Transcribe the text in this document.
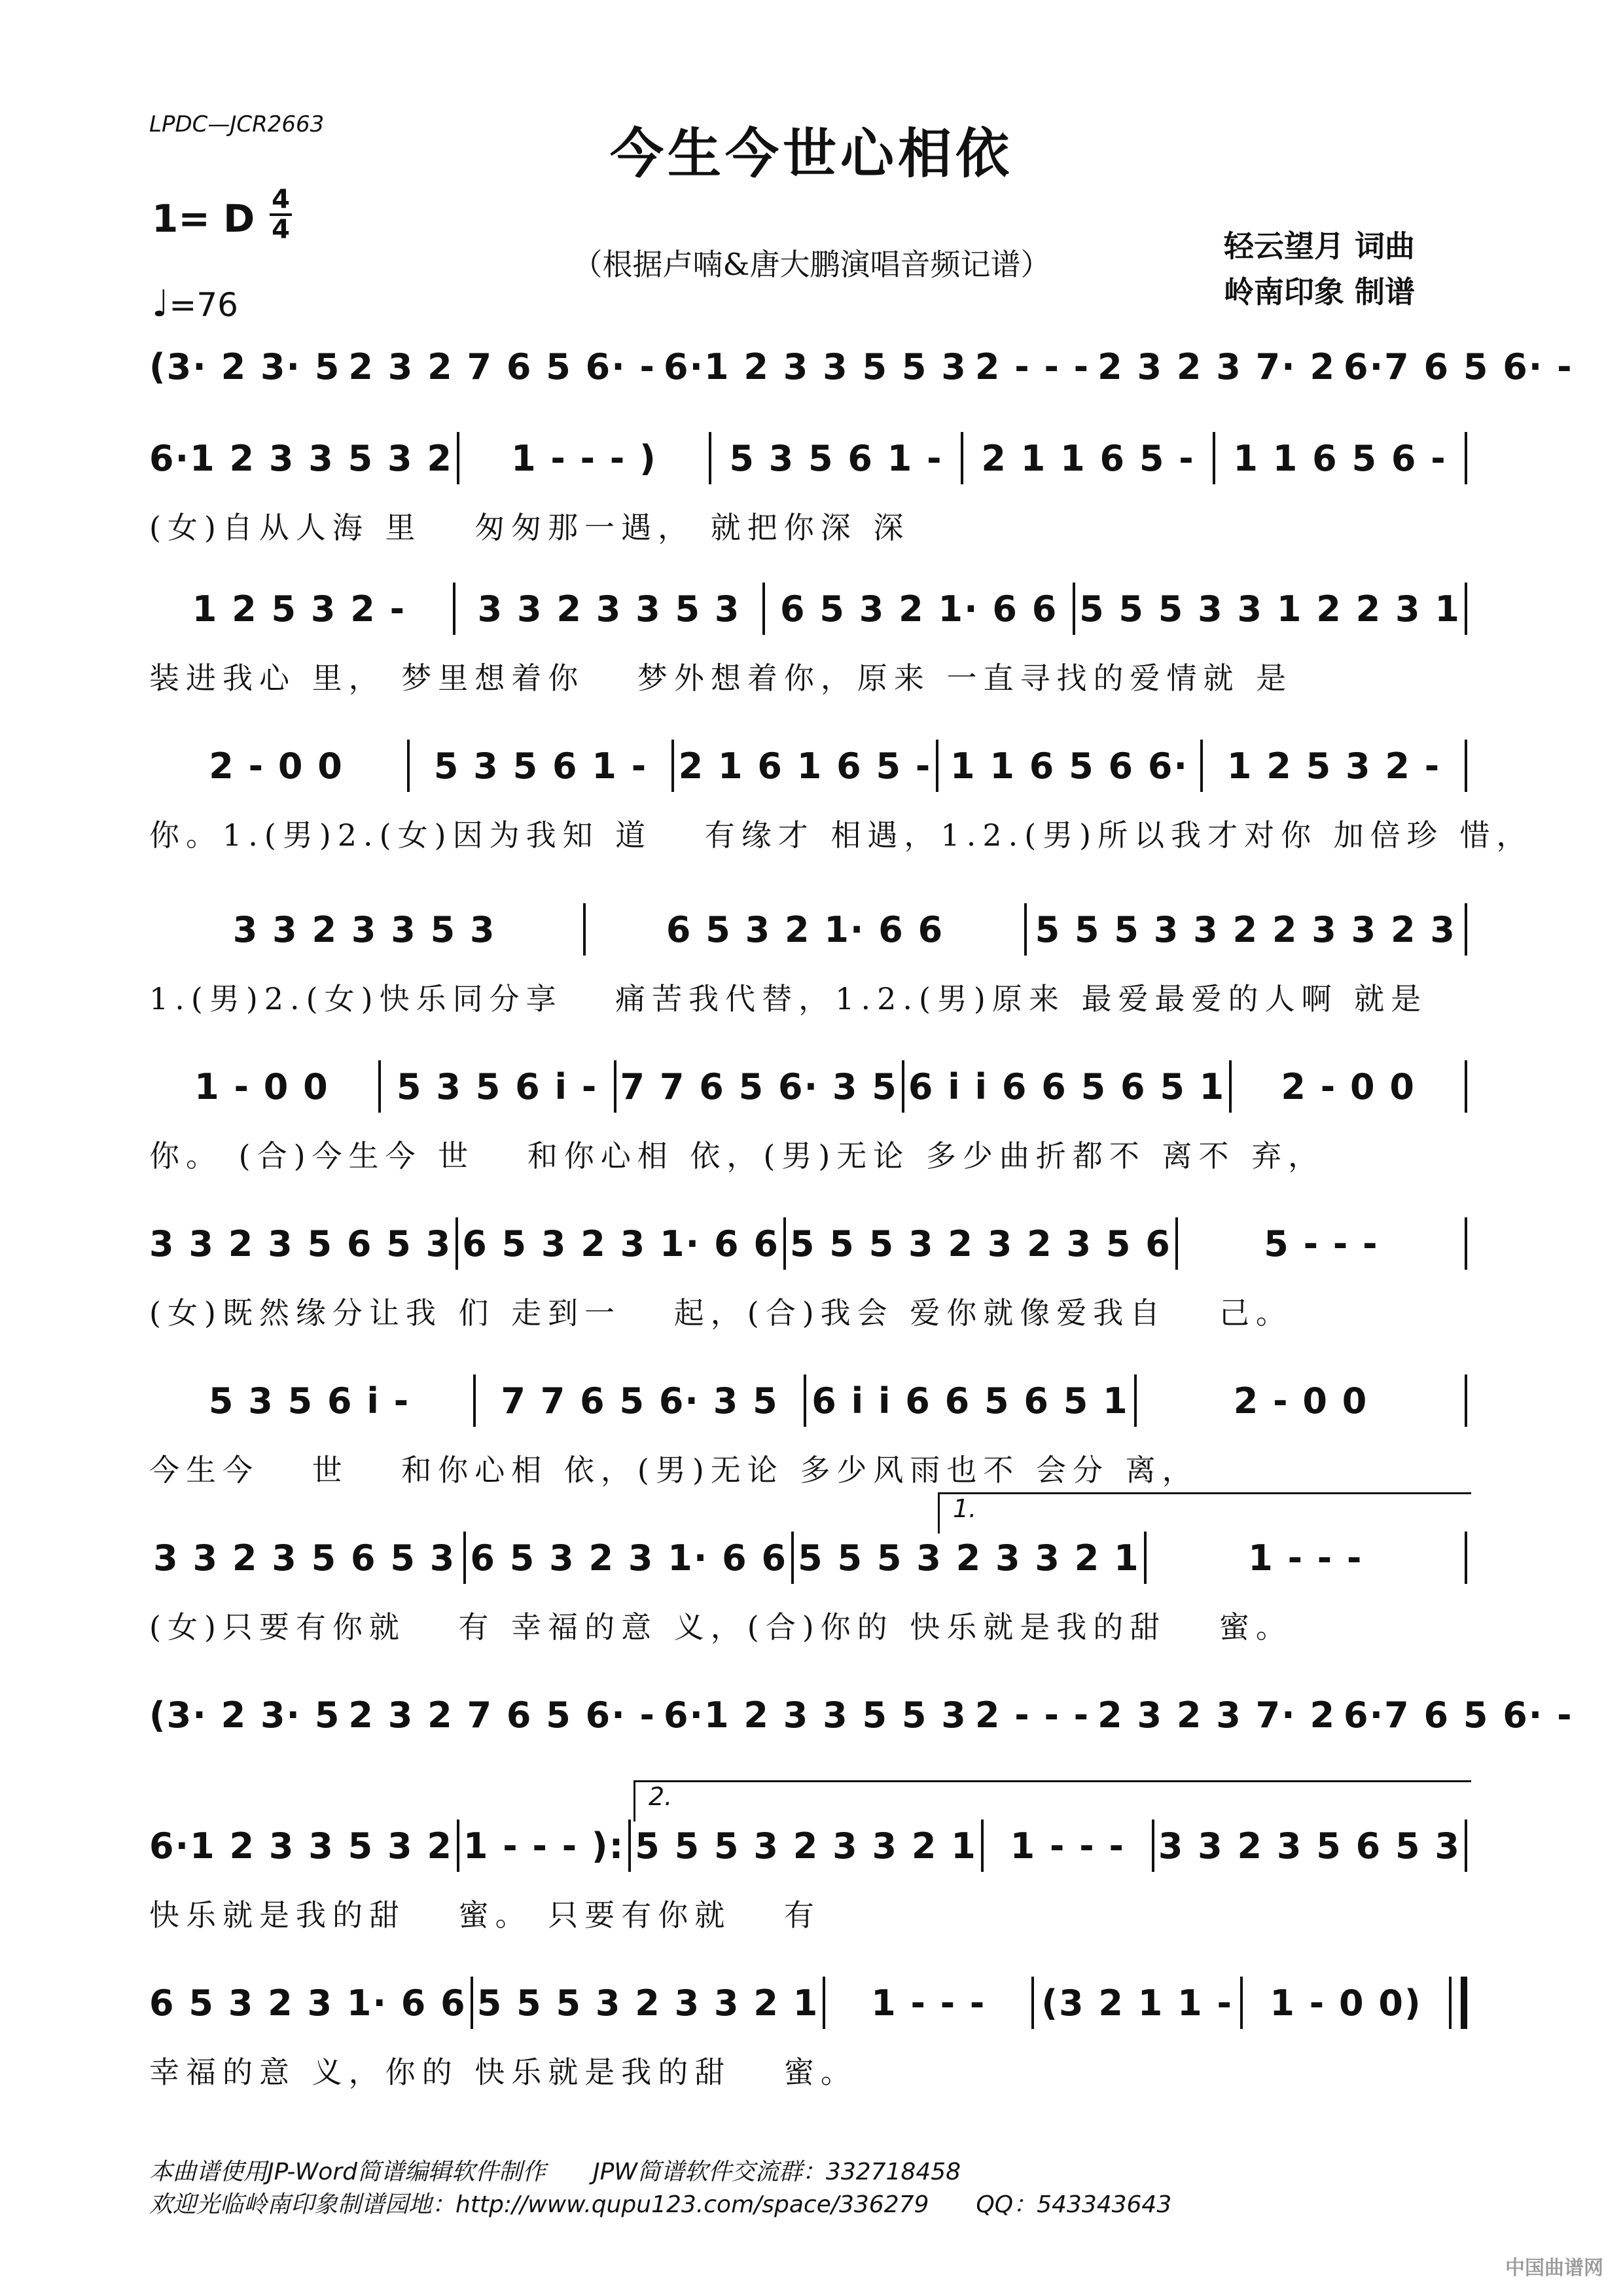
LPDC—JCR2663	今生今世心相依
1= D 4
4
♩=76
（根据卢喃&唐大鹏演唱音频记谱）
轻云望月 词曲
岭南印象 制谱
(3· 2 3· 5 2 3 2 7 6 5 6· - 6·1 2 3 3 5 5 3 2 - - - 2 3 2 3 7· 2 6·7 6 5 6· -
6·1 2 3 3 5 3 2	1 - - - )	5 3 5 6 1 -	2 1 1 6 5 -	1 1 6 5 6 -
(女)自从人海 里　 匆匆那一遇， 就把你深 深
1 2 5 3 2 -	3 3 2 3 3 5 3	6 5 3 2 1· 6 6 5 5 5 3 3 1 2 2 3 1
装进我心 里， 梦里想着你　 梦外想着你，原来 一直寻找的爱情就 是
2 - 0 0	5 3 5 6 1 - 2 1 6 1 6 5 - 1 1 6 5 6 6·	1 2 5 3 2 -
你。1.(男)2.(女)因为我知 道　 有缘才 相遇，1.2.(男)所以我才对你 加倍珍 惜，
3 3 2 3 3 5 3	6 5 3 2 1· 6 6	5 5 5 3 3 2 2 3 3 2 3
1.(男)2.(女)快乐同分享　 痛苦我代替，1.2.(男)原来 最爱最爱的人啊 就是
1 - 0 0	5 3 5 6 i - 7 7 6 5 6· 3 5 6 i i 6 6 5 6 5 1	2 - 0 0
你。 (合)今生今 世　 和你心相 依，(男)无论 多少曲折都不 离不 弃，
3 3 2 3 5 6 5 3 6 5 3 2 3 1· 6 6 5 5 5 3 2 3 2 3 5 6	5 - - -
(女)既然缘分让我 们 走到一　 起，(合)我会 爱你就像爱我自　 己。
5 3 5 6 i -	7 7 6 5 6· 3 5 6 i i 6 6 5 6 5 1	2 - 0 0
今生今　 世　 和你心相 依，(男)无论 多少风雨也不 会分 离，
1.
3 3 2 3 5 6 5 3 6 5 3 2 3 1· 6 6 5 5 5 3 2 3 3 2 1	1 - - -
(女)只要有你就　 有 幸福的意 义，(合)你的 快乐就是我的甜　 蜜。
(3· 2 3· 5 2 3 2 7 6 5 6· - 6·1 2 3 3 5 5 3 2 - - - 2 3 2 3 7· 2 6·7 6 5 6· -
2.
6·1 2 3 3 5 3 2 1 - - - ): 5 5 5 3 2 3 3 2 1 1 - - - 3 3 2 3 5 6 5 3
快乐就是我的甜　 蜜。 只要有你就　 有
6 5 3 2 3 1· 6 6 5 5 5 3 2 3 3 2 1	1 - - -	(3 2 1 1 -	1 - 0 0)
幸福的意 义，你的 快乐就是我的甜　 蜜。
本曲谱使用JP-Word简谱编辑软件制作　　JPW简谱软件交流群：332718458
欢迎光临岭南印象制谱园地：http://www.qupu123.com/space/336279　　QQ：543343643
中国曲谱网
